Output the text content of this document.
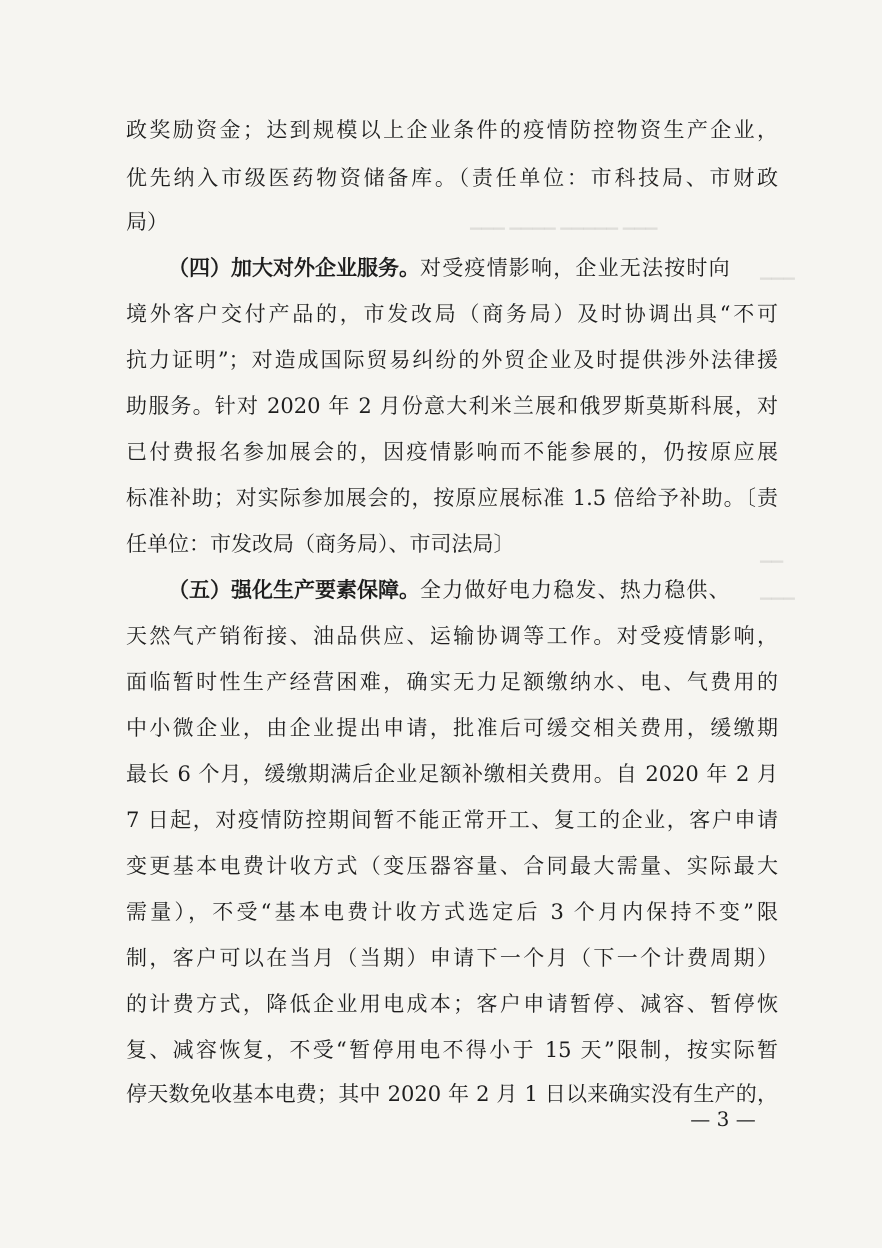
▁▁▁ ▁▁▁▁ ▁▁▁▁▁ ▁▁▁
▁▁▁
▁▁▁
▁▁
政奖励资金；达到规模以上企业条件的疫情防控物资生产企业，
优先纳入市级医药物资储备库。（责任单位：市科技局、市财政
局）
（四）加大对外企业服务。 对受疫情影响，企业无法按时向
境外客户交付产品的，市发改局（商务局）及时协调出具“不可
抗力证明”；对造成国际贸易纠纷的外贸企业及时提供涉外法律援
助服务。针对 2020 年 2 月份意大利米兰展和俄罗斯莫斯科展，对
已付费报名参加展会的，因疫情影响而不能参展的，仍按原应展
标准补助；对实际参加展会的，按原应展标准 1.5 倍给予补助。〔责
任单位：市发改局（商务局）、市司法局〕
（五）强化生产要素保障。 全力做好电力稳发、热力稳供、
天然气产销衔接、油品供应、运输协调等工作。对受疫情影响，
面临暂时性生产经营困难，确实无力足额缴纳水、电、气费用的
中小微企业，由企业提出申请，批准后可缓交相关费用，缓缴期
最长 6 个月，缓缴期满后企业足额补缴相关费用。自 2020 年 2 月
7 日起，对疫情防控期间暂不能正常开工、复工的企业，客户申请
变更基本电费计收方式（变压器容量、合同最大需量、实际最大
需量），不受“基本电费计收方式选定后 3 个月内保持不变”限
制，客户可以在当月（当期）申请下一个月（下一个计费周期）
的计费方式，降低企业用电成本；客户申请暂停、减容、暂停恢
复、减容恢复，不受“暂停用电不得小于 15 天”限制，按实际暂
停天数免收基本电费；其中 2020 年 2 月 1 日以来确实没有生产的，
— 3 —
